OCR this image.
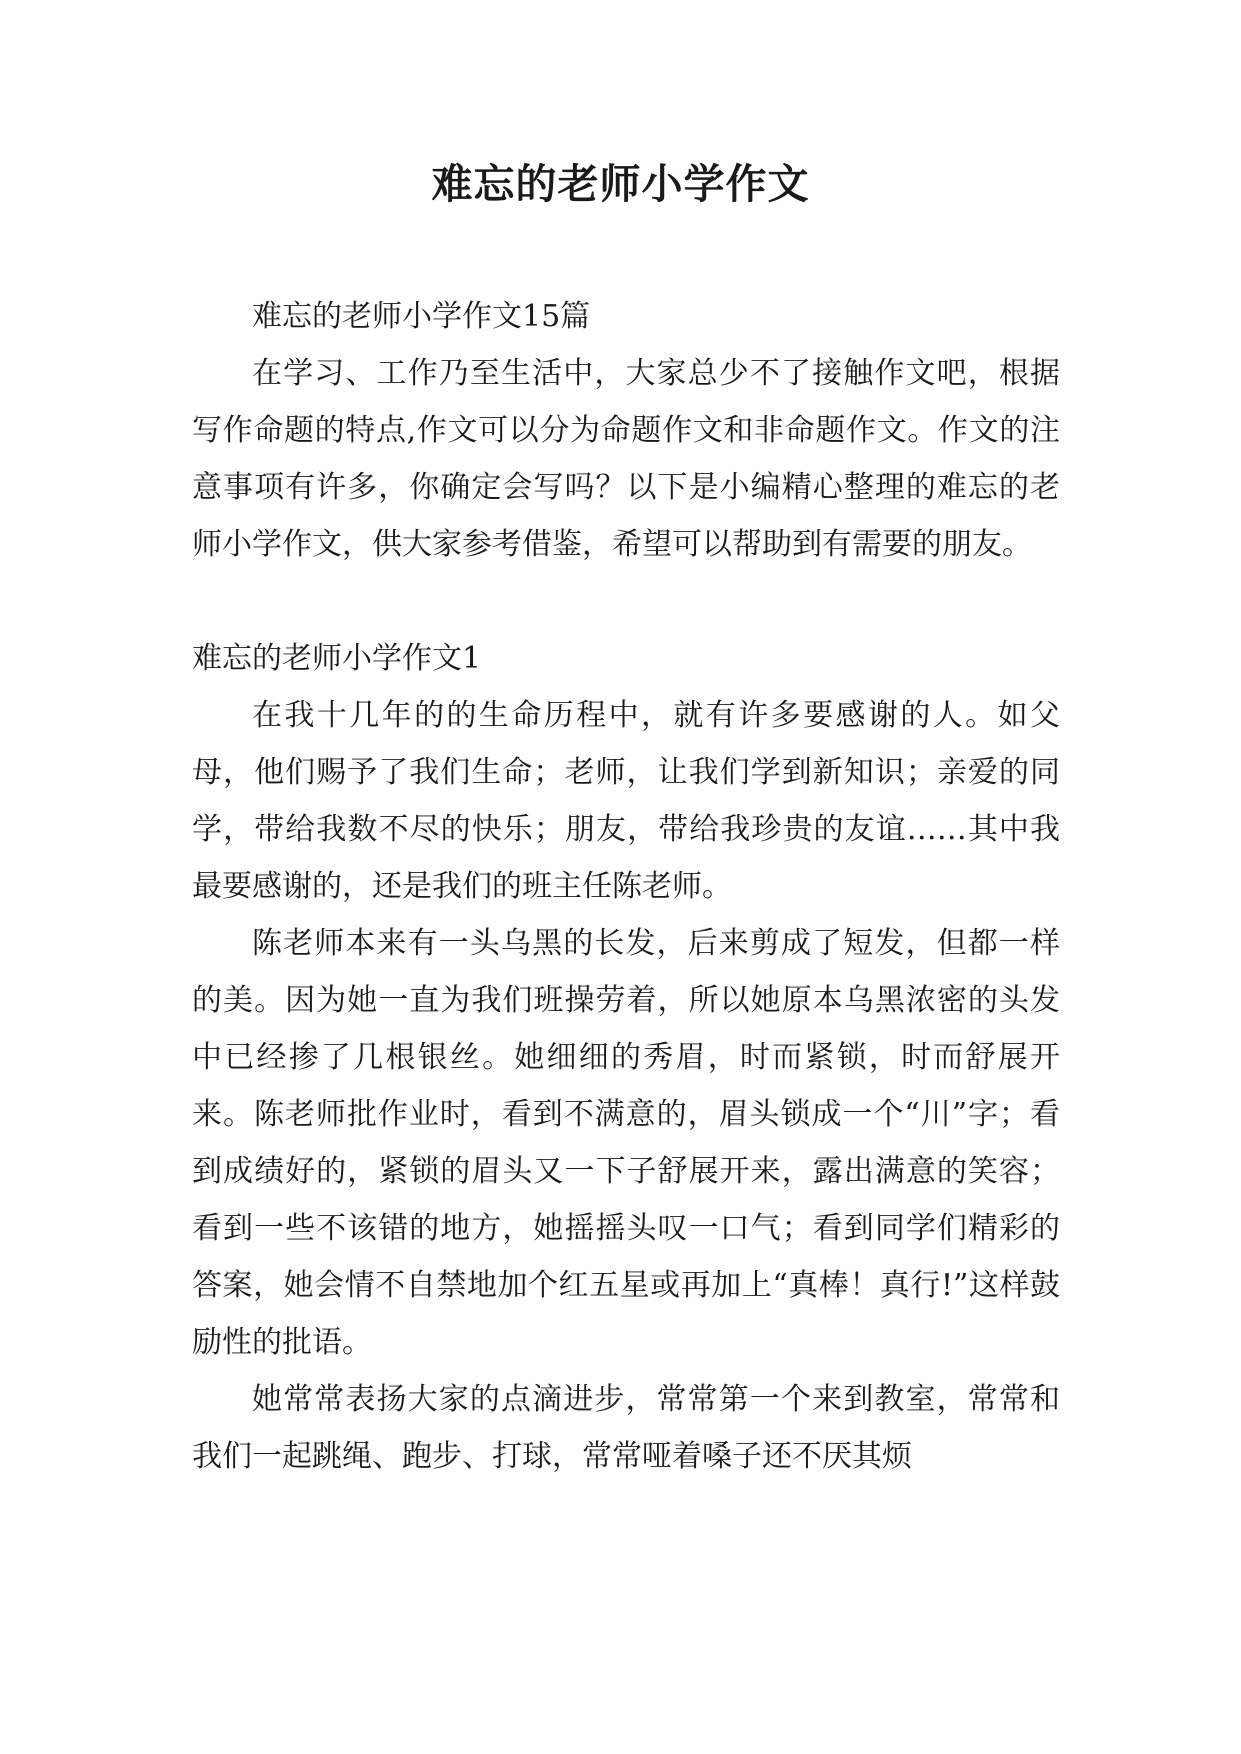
难忘的老师小学作文

难忘的老师小学作文15篇

在学习、工作乃至生活中，大家总少不了接触作文吧，根据写作命题的特点,作文可以分为命题作文和非命题作文。作文的注意事项有许多，你确定会写吗？以下是小编精心整理的难忘的老师小学作文，供大家参考借鉴，希望可以帮助到有需要的朋友。

难忘的老师小学作文1

在我十几年的的生命历程中，就有许多要感谢的人。如父母，他们赐予了我们生命；老师，让我们学到新知识；亲爱的同学，带给我数不尽的快乐；朋友，带给我珍贵的友谊……其中我最要感谢的，还是我们的班主任陈老师。

陈老师本来有一头乌黑的长发，后来剪成了短发，但都一样的美。因为她一直为我们班操劳着，所以她原本乌黑浓密的头发中已经掺了几根银丝。她细细的秀眉，时而紧锁，时而舒展开来。陈老师批作业时，看到不满意的，眉头锁成一个“川”字；看到成绩好的，紧锁的眉头又一下子舒展开来，露出满意的笑容；看到一些不该错的地方，她摇摇头叹一口气；看到同学们精彩的答案，她会情不自禁地加个红五星或再加上“真棒！真行!”这样鼓励性的批语。

她常常表扬大家的点滴进步，常常第一个来到教室，常常和我们一起跳绳、跑步、打球，常常哑着嗓子还不厌其烦
